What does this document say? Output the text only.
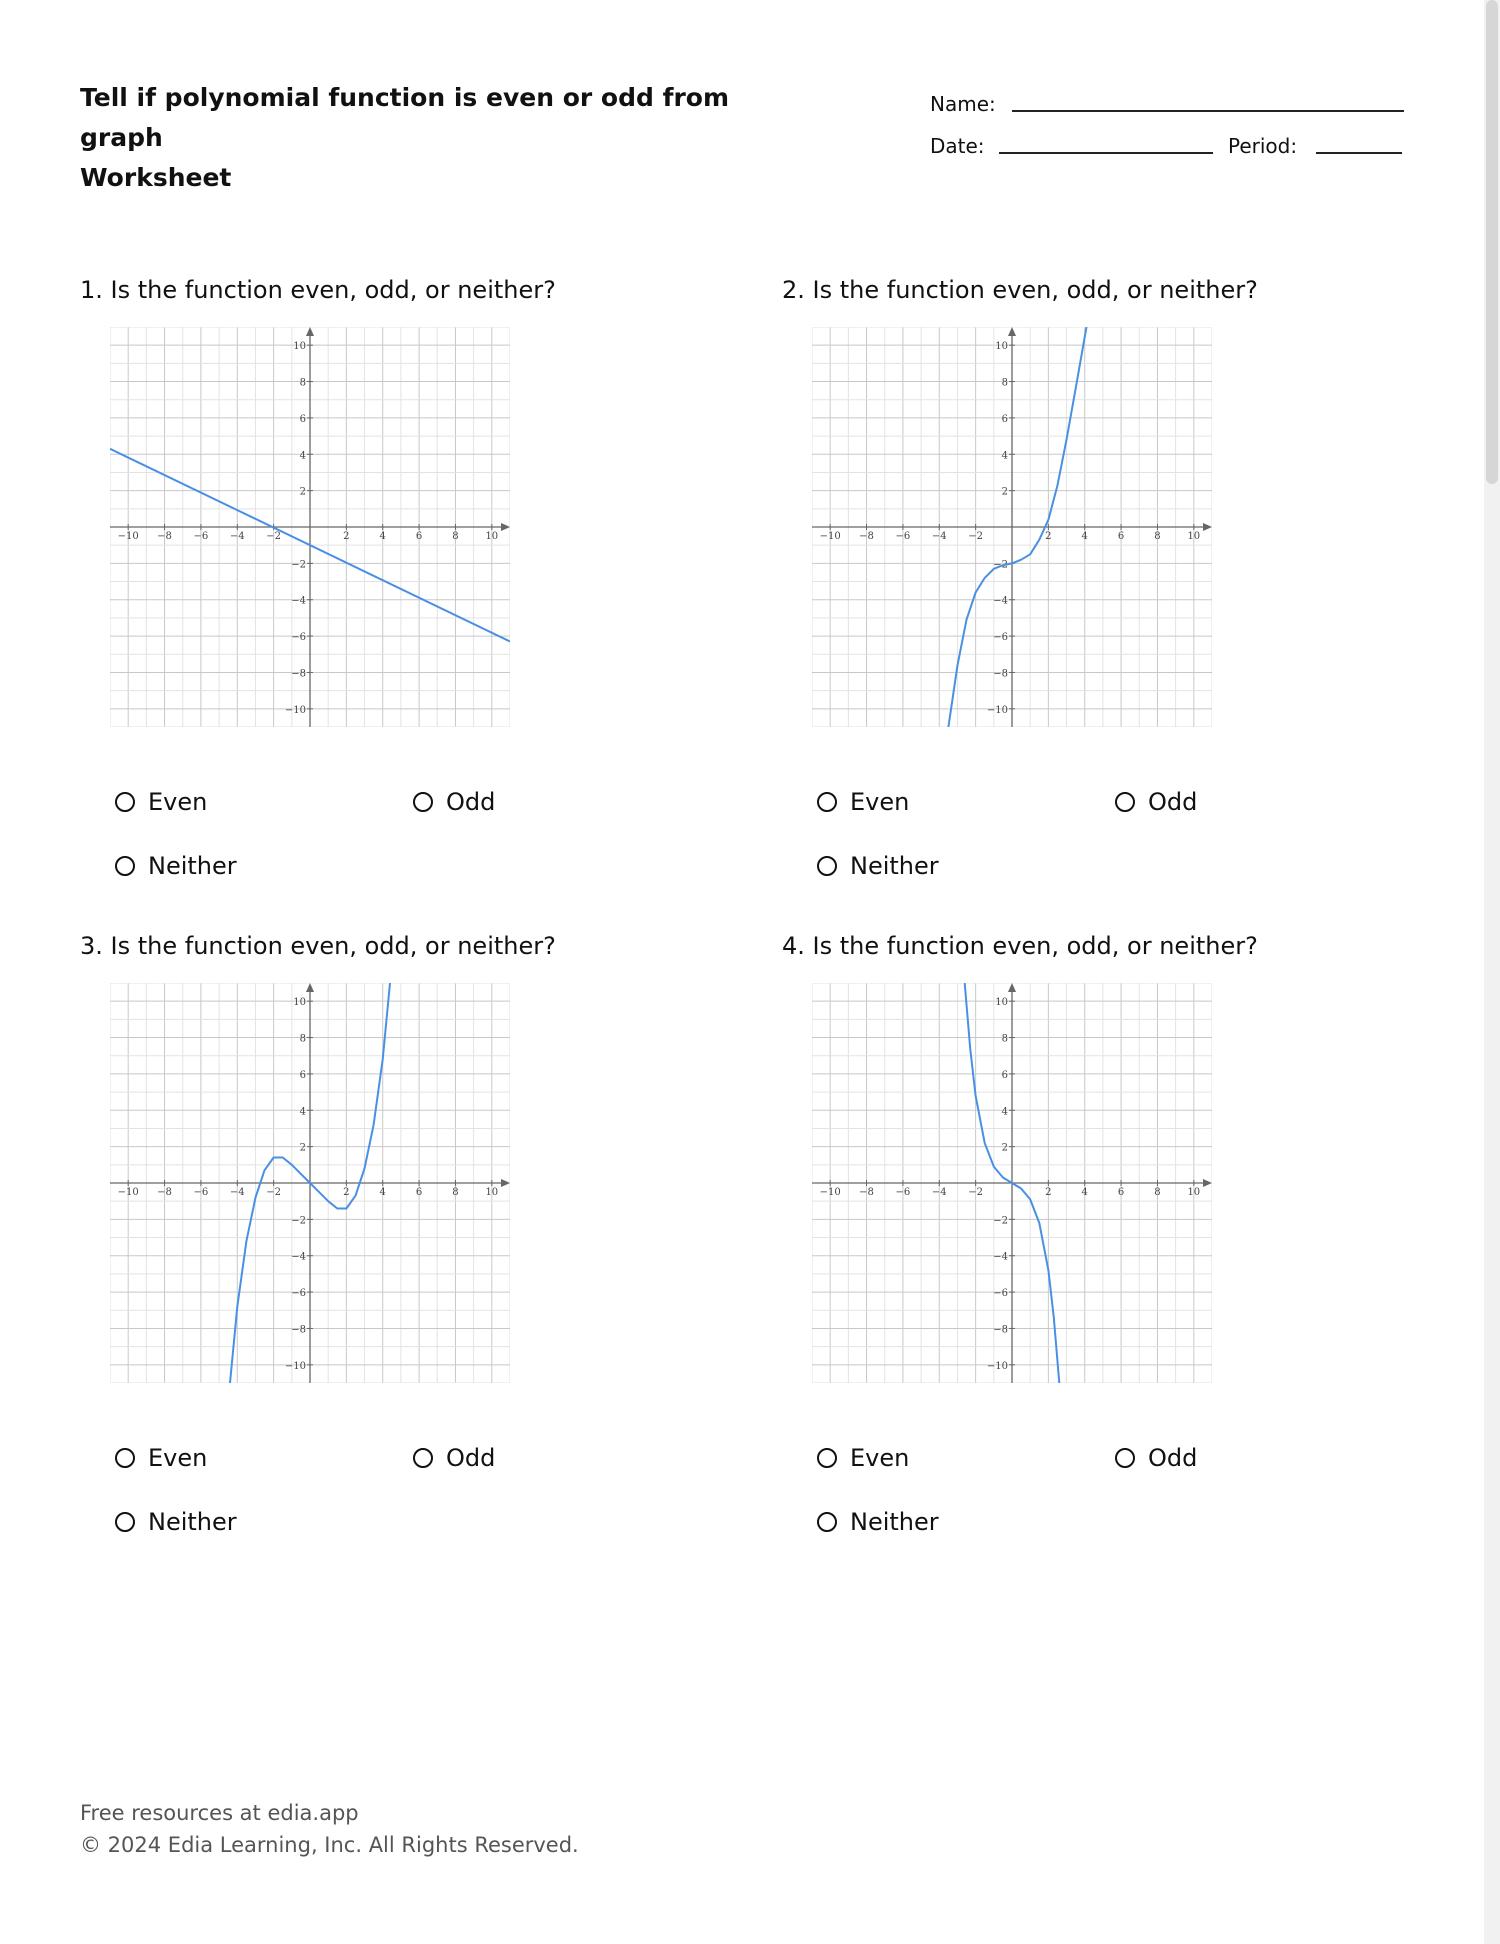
Tell if polynomial function is even or odd from graph
Worksheet
Name:
Date:	Period:
1. Is the function even, odd, or neither?
−10 −8 −6 −4 −2	2	4	6	8	10
−10
−8
−6
−4
−2
2
4
6
8
10
Even	Odd
Neither
2. Is the function even, odd, or neither?
−10 −8 −6 −4 −2	2	4	6	8	10
−10
−8
−6
−4
−2
2
4
6
8
10
Even	Odd
Neither
3. Is the function even, odd, or neither?
−10 −8 −6 −4 −2	2	4	6	8	10
−10
−8
−6
−4
−2
2
4
6
8
10
Even	Odd
Neither
4. Is the function even, odd, or neither?
−10 −8 −6 −4 −2	2	4	6	8	10
−10
−8
−6
−4
−2
2
4
6
8
10
Even	Odd
Neither
Free resources at edia.app
© 2024 Edia Learning, Inc. All Rights Reserved.
